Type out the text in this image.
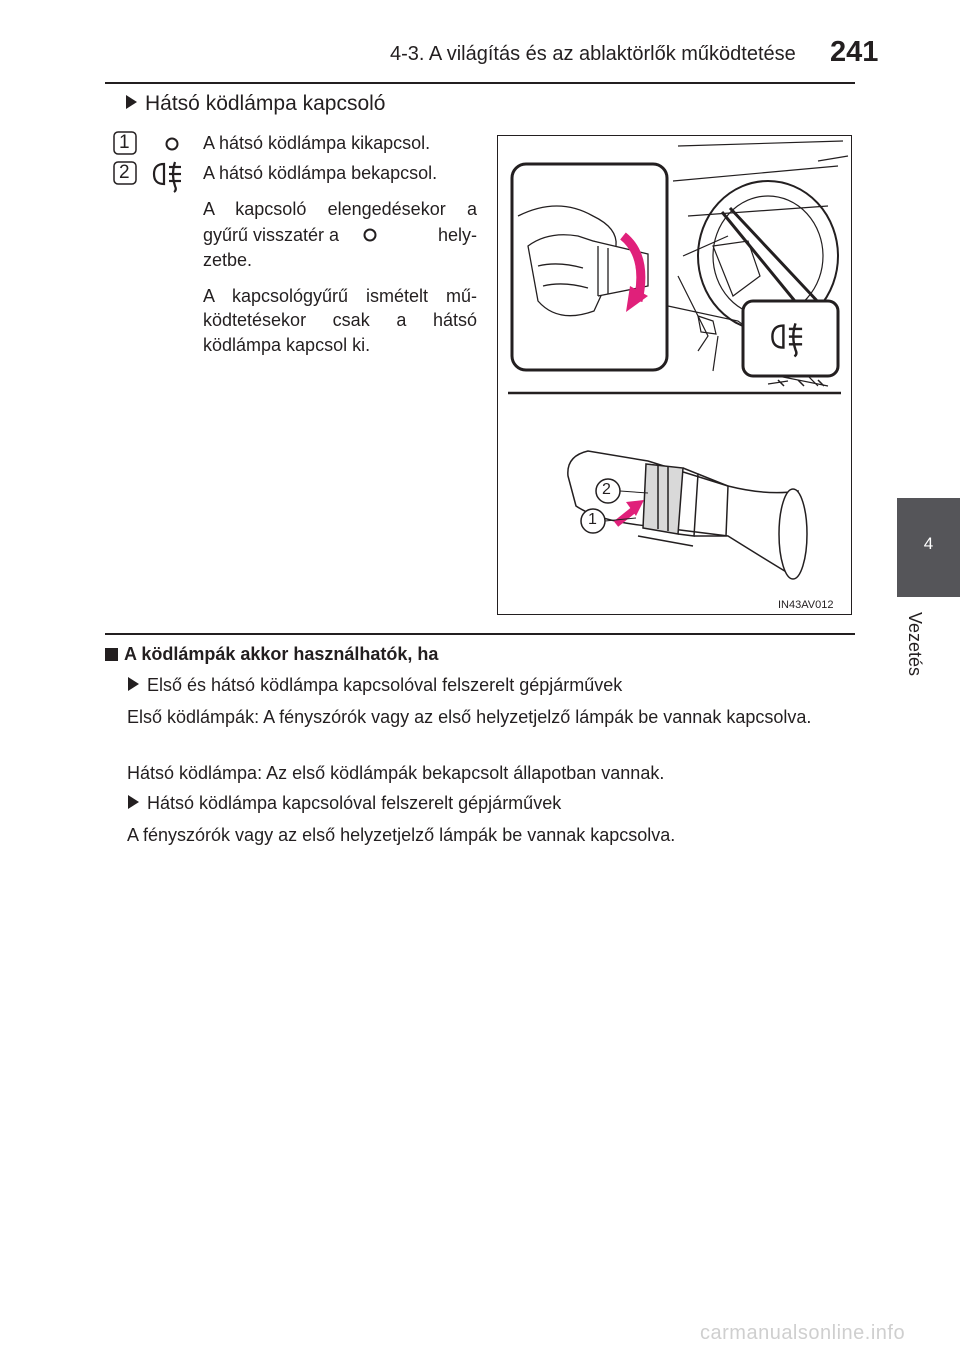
4-3. A világítás és az ablaktörlők működtetése 241
4
Vezetés
Hátsó ködlámpa kapcsoló
1	A hátsó ködlámpa kikapcsol.
2	A hátsó ködlámpa bekapcsol.
A kapcsoló elengedésekor a
gyűrű visszatér a	hely-
zetbe.
A kapcsológyűrű ismételt mű-
ködtetésekor csak a hátsó
ködlámpa kapcsol ki.
2
1
IN43AV012
A ködlámpák akkor használhatók, ha
Első és hátsó ködlámpa kapcsolóval felszerelt gépjárművek
Első ködlámpák: A fényszórók vagy az első helyzetjelző lámpák be vannak kapcsolva.
Hátsó ködlámpa: Az első ködlámpák bekapcsolt állapotban vannak.
Hátsó ködlámpa kapcsolóval felszerelt gépjárművek
A fényszórók vagy az első helyzetjelző lámpák be vannak kapcsolva.
carmanualsonline.info
